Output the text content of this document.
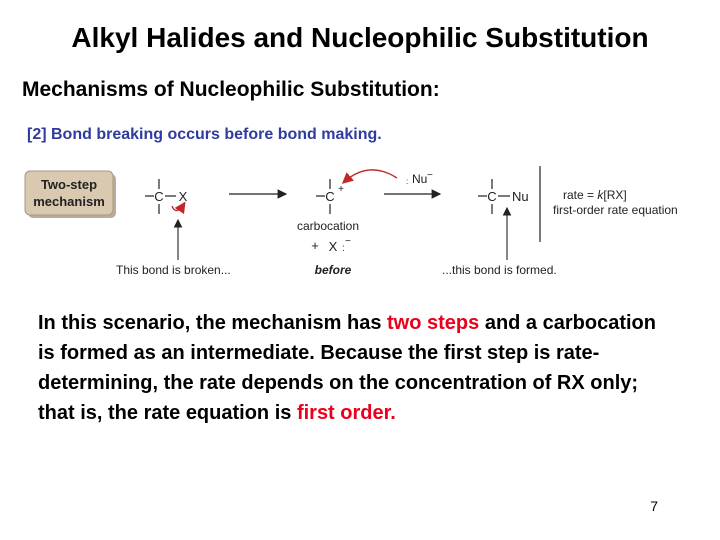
Alkyl Halides and Nucleophilic Substitution
Mechanisms of Nucleophilic Substitution:
[2] Bond breaking occurs before bond making.
Two-step
mechanism	C X	C +
: Nu −
carbocation
+ X :
−
C Nu	rate = k[RX]
first-order rate equation
This bond is broken...	before	...this bond is formed.
In this scenario, the mechanism has two steps and a carbocation is formed as an intermediate. Because the first step is rate-determining, the rate depends on the concentration of RX only; that is, the rate equation is first order.
7
